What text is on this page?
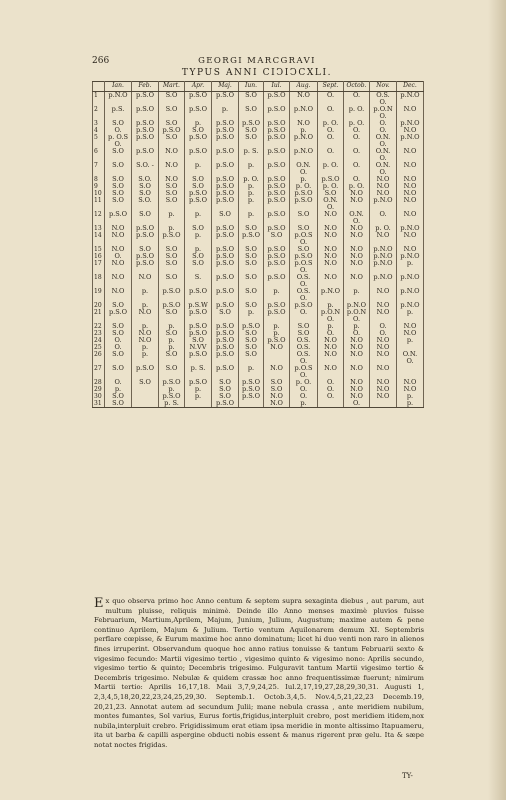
266	GEORGI MARCGRAVI
TYPUS ANNI CIↃIↃCXLI.
	Ian.	Feb.	Mart.	Apr.	Maj.	Iun.	Iul.	Aug.	Sept.	Octob.	Nov.	Dec.
1	p.N.O	p.S.O	S.O	p.S.O	p.S.O	S.O	p.S.O	N.O	O.	O.	O.S.	p.N.O
											O.	
2	p.S.	p.S.O	S.O	p.S.O	p.	S.O	p.S.O	p.N.O	O.	p. O.	p.O.N	N.O
											O.	
3	S.O	p.S.O	S.O	p.	p.S.O	p.S.O	p.S.O	N.O	p. O.	p. O.	O.	p.N.O
4	O.	p.S.O	p.S.O	S.O	p.S.O	S.O	p.S.O	p.	O.	O.	O.	N.O
5	p. O.S	p.S.O	S.O	p.S.O	p.S.O	S.O	p.S.O	p.N.O	O.	O.	O.N.	p.N.O
	O.										O.	
6	S.O	p.S.O	N.O	p.S.O	p.S.O	p. S.	p.S.O	p.N.O	O.	O.	O.N.	N.O
											O.	
7	S.O	S.O. -	N.O	p.	p.S.O	p.	p.S.O	O.N.	p. O.	O.	O.N.	N.O
								O.			O.	
8	S.O	S.O.	N.O	S.O	p.S.O	p. O.	p.S.O	p.	p.S.O	O.	N.O	N.O
9	S.O	S.O	S.O	S.O	p.S.O	p.	p.S.O	p. O.	p. O.	p. O.	N.O	N.O
10	S.O	S.O	S.O	p.S.O	p.S.O	p.	p.S.O	p.S.O	S.O	N.O	N.O	N.O
11	S.O	S.O.	S.O	p.S.O	p.S.O	p.	p.S.O	p.S.O	O.N.	N.O	p.N.O	N.O
									O.			
12	p.S.O	S.O	p.	p.	S.O	p.	p.S.O	S.O	N.O	O.N.	O.	N.O
										O.		
13	N.O	p.S.O	p.	S.O	p.S.O	S.O	p.S.O	S.O	N.O	N.O	p. O.	p.N.O
14	N.O	p.S.O	p.S.O	p.	p.S.O	p.S.O	S.O	p.O.S	N.O	N.O	N.O	N.O
								O.				
15	N.O	S.O	S.O	p.	p.S.O	S.O	p.S.O	S.O	N.O	N.O	p.N.O	N.O
16	O.	p.S.O	S.O	S.O	p.S.O	S.O	p.S.O	p.S.O	N.O	N.O	p.N.O	p.N.O
17	N.O	p.S.O	S.O	S.O	p.S.O	S.O	p.S.O	p.O.S	N.O	N.O	p.N.O	p.
								O.				
18	N.O	N.O	S.O	S.	p.S.O	S.O	p.S.O	O.S.	N.O	N.O	p.N.O	p.N.O
								O.				
19	N.O	p.	p.S.O	p.S.O	p.S.O	S.O	p.	O.S.	p.N.O	p.	N.O	p.N.O
								O.				
20	S.O	p.	p.S.O	p.S.W	p.S.O	S.O	p.S.O	p.S.O	p.	p.N.O	N.O	p.N.O
21	p.S.O	N.O	S.O	p.S.O	S.O	p.	p.S.O	O.	p.O.N	p.O.N	N.O	p.
									O.	O.		
22	S.O	p.	p.	p.S.O	p.S.O	p.S.O	p.	S.O	p.	p.	O.	N.O
23	S.O	N.O	S.O	p.S.O	p.S.O	S.O	p.	S.O	O.	O.	O.	N.O
24	O.	N.O	p.	S.O	p.S.O	S.O	p.S.O	O.S.	N.O	N.O	N.O	p.
25	O.	p.	p.	N.VV	p.S.O	S.O	N.O	O.S.	N.O	N.O	N.O	
26	S.O	p.	S.O	p.S.O	p.S.O	S.O		O.S.	N.O	N.O	N.O	O.N.
								O.				O.
27	S.O	p.S.O	S.O	p. S.	p.S.O	p.	N.O	p.O.S	N.O	N.O	N.O	
								O.				
28	O.	S.O	p.S.O	p.S.O	S.O	p.S.O	S.O	p. O.	O.	N.O	N.O	N.O
29	p.		p.	p.	S.O	p.S.O	S.O	O.	O.	N.O	N.O	N.O
30	S.O		p.S.O	p.	S.O	p.S.O	N.O	O.	O.	N.O	N.O	p.
31	S.O		p. S.		p.S.O		N.O	p.		O.		p.

Ex quo observa primo hoc Anno centum & septem supra sexaginta diebus , aut parum, aut multum pluisse, reliquis minimè. Deinde illo Anno menses maximè pluvios fuisse Februarium, Martium,Aprilem, Majum, Junium, Julium, Augustum; maxime autem & pene continuo Aprilem, Majum & Julium. Tertio ventum Aquilonarem demum XI. Septembris perflare cœpisse, & Eurum maxime hoc anno dominatum; licet hi duo venti non raro in alienos fines irruperint. Observandum quoque hoc anno ratius tonuisse & tantum Februarii sexto & vigesimo fecundo: Martii vigesimo tertio , vigesimo quinto & vigesimo nono: Aprilis secundo, vigesimo tertio & quinto; Decembris trigesimo. Fulguravit tantum Martii vigesimo tertio & Decembris trigesimo. Nebulæ & quidem crassæ hoc anno frequentissimæ fuerunt; nimirum Martii tertio: Aprilis 16,17,18. Maii 3,7,9,24,25. Iul.2,17,19,27,28,29,30,31. Augusti 1, 2,3,4,5,18,20,22,23,24,25,29,30. Septemb.1. Octob.3,4,5. Nov.4,5,21,22,23 Decemb.19, 20,21,23. Annotat autem ad secundum Julii; mane nebula crassa , ante meridiem nubilum, montes fumantes, Sol varius, Eurus fortis,frigidus,interpluit crebro, post meridiem itidem,nox nubila,interpluit crebro. Frigidissimum erat etiam ipsa meridie in monte altissimo Itapuameru, ita ut barba & capilli aspergine obducti nobis essent & manus rigerent præ gelu. Ita & sæpe notat noctes frigidas.

TY-
